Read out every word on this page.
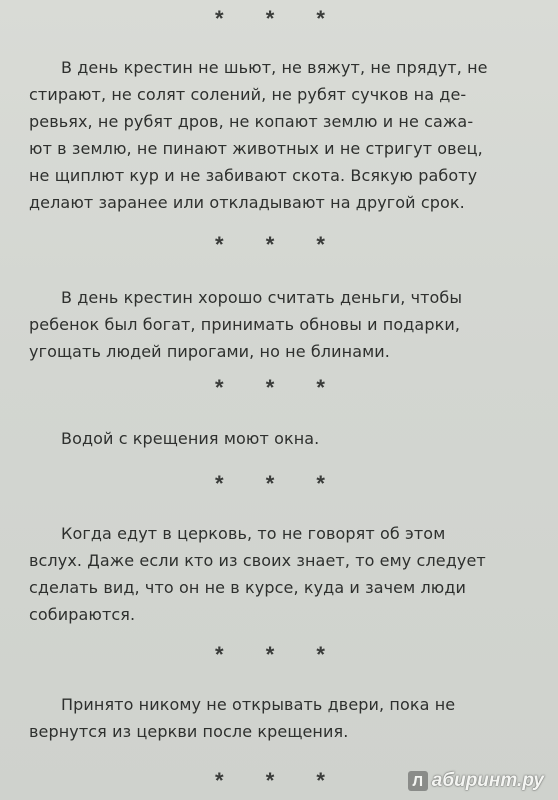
* * *

В день крестин не шьют, не вяжут, не прядут, не
стирают, не солят солений, не рубят сучков на де-
ревьях, не рубят дров, не копают землю и не сажа-
ют в землю, не пинают животных и не стригут овец,
не щиплют кур и не забивают скота. Всякую работу
делают заранее или откладывают на другой срок.

* * *

В день крестин хорошо считать деньги, чтобы
ребенок был богат, принимать обновы и подарки,
угощать людей пирогами, но не блинами.

* * *

Водой с крещения моют окна.

* * *

Когда едут в церковь, то не говорят об этом
вслух. Даже если кто из своих знает, то ему следует
сделать вид, что он не в курсе, куда и зачем люди
собираются.

* * *

Принято никому не открывать двери, пока не
вернутся из церкви после крещения.

* * *	Л абиринт.ру
